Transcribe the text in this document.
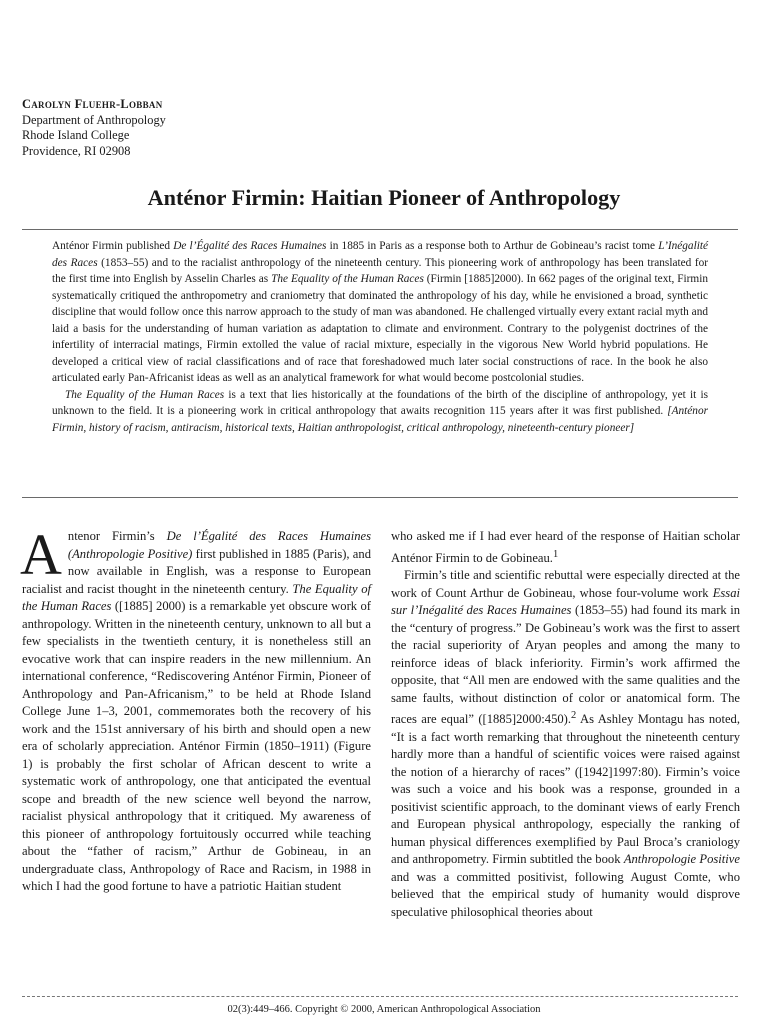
Carolyn Fluehr-Lobban
Department of Anthropology
Rhode Island College
Providence, RI 02908
Anténor Firmin: Haitian Pioneer of Anthropology

Anténor Firmin published De l’Égalité des Races Humaines in 1885 in Paris as a response both to Arthur de Gobineau’s racist tome L’Inégalité des Races (1853–55) and to the racialist anthropology of the nineteenth century. This pioneering work of anthropology has been translated for the first time into English by Asselin Charles as The Equality of the Human Races (Firmin [1885]2000). In 662 pages of the original text, Firmin systematically critiqued the anthropometry and craniometry that dominated the anthropology of his day, while he envisioned a broad, synthetic discipline that would follow once this narrow approach to the study of man was abandoned. He challenged virtually every extant racial myth and laid a basis for the understanding of human variation as adaptation to climate and environment. Contrary to the polygenist doctrines of the infertility of interracial matings, Firmin extolled the value of racial mixture, especially in the vigorous New World hybrid populations. He developed a critical view of racial classifications and of race that foreshadowed much later social constructions of race. In the book he also articulated early Pan-Africanist ideas as well as an analytical framework for what would become postcolonial studies.

The Equality of the Human Races is a text that lies historically at the foundations of the birth of the discipline of anthropology, yet it is unknown to the field. It is a pioneering work in critical anthropology that awaits recognition 115 years after it was first published. [Anténor Firmin, history of racism, antiracism, historical texts, Haitian anthropologist, critical anthropology, nineteenth-century pioneer]

Antenor Firmin’s De l’Égalité des Races Humaines (Anthropologie Positive) first published in 1885 (Paris), and now available in English, was a response to European racialist and racist thought in the nineteenth century. The Equality of the Human Races ([1885] 2000) is a remarkable yet obscure work of anthropology. Written in the nineteenth century, unknown to all but a few specialists in the twentieth century, it is nonetheless still an evocative work that can inspire readers in the new millennium. An international conference, “Rediscovering Anténor Firmin, Pioneer of Anthropology and Pan-Africanism,” to be held at Rhode Island College June 1–3, 2001, commemorates both the recovery of his work and the 151st anniversary of his birth and should open a new era of scholarly appreciation. Anténor Firmin (1850–1911) (Figure 1) is probably the first scholar of African descent to write a systematic work of anthropology, one that anticipated the eventual scope and breadth of the new science well beyond the narrow, racialist physical anthropology that it critiqued. My awareness of this pioneer of anthropology fortuitously occurred while teaching about the “father of racism,” Arthur de Gobineau, in an undergraduate class, Anthropology of Race and Racism, in 1988 in which I had the good fortune to have a patriotic Haitian student

who asked me if I had ever heard of the response of Haitian scholar Anténor Firmin to de Gobineau.$^1$

Firmin’s title and scientific rebuttal were especially directed at the work of Count Arthur de Gobineau, whose four-volume work Essai sur l’Inégalité des Races Humaines (1853–55) had found its mark in the “century of progress.” De Gobineau’s work was the first to assert the racial superiority of Aryan peoples and among the many to reinforce ideas of black inferiority. Firmin’s work affirmed the opposite, that “All men are endowed with the same qualities and the same faults, without distinction of color or anatomical form. The races are equal” ([1885]2000:450).$^2$ As Ashley Montagu has noted, “It is a fact worth remarking that throughout the nineteenth century hardly more than a handful of scientific voices were raised against the notion of a hierarchy of races” ([1942]1997:80). Firmin’s voice was such a voice and his book was a response, grounded in a positivist scientific approach, to the dominant views of early French and European physical anthropology, especially the ranking of human physical differences exemplified by Paul Broca’s craniology and anthropometry. Firmin subtitled the book Anthropologie Positive and was a committed positivist, following August Comte, who believed that the empirical study of humanity would disprove speculative philosophical theories about

02(3):449–466. Copyright © 2000, American Anthropological Association
